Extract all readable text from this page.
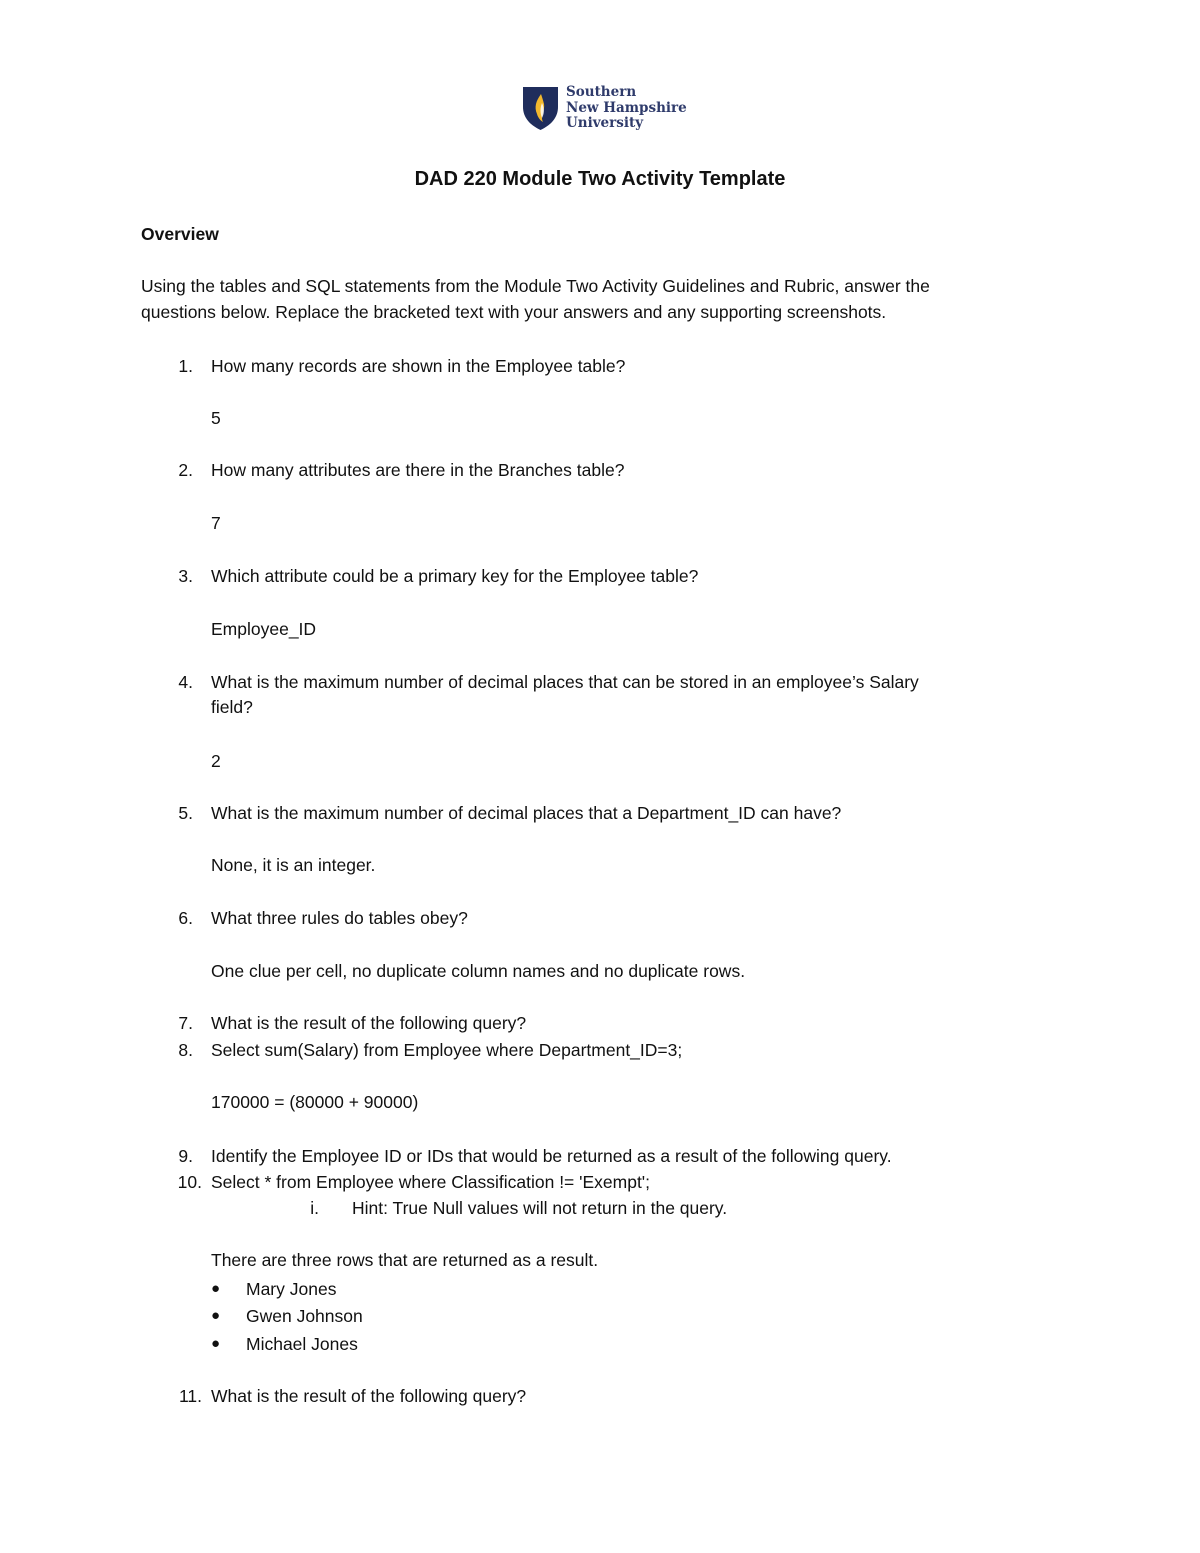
Southern
New Hampshire
University
DAD 220 Module Two Activity Template
Overview
Using the tables and SQL statements from the Module Two Activity Guidelines and Rubric, answer the
questions below. Replace the bracketed text with your answers and any supporting screenshots.
1. How many records are shown in the Employee table?
5
2. How many attributes are there in the Branches table?
7
3. Which attribute could be a primary key for the Employee table?
Employee_ID
4. What is the maximum number of decimal places that can be stored in an employee’s Salary
field?
2
5. What is the maximum number of decimal places that a Department_ID can have?
None, it is an integer.
6. What three rules do tables obey?
One clue per cell, no duplicate column names and no duplicate rows.
7. What is the result of the following query?
8. Select sum(Salary) from Employee where Department_ID=3;
170000 = (80000 + 90000)
9. Identify the Employee ID or IDs that would be returned as a result of the following query.
10. Select * from Employee where Classification != 'Exempt';
i. Hint: True Null values will not return in the query.
There are three rows that are returned as a result.
● Mary Jones
● Gwen Johnson
● Michael Jones
11. What is the result of the following query?
